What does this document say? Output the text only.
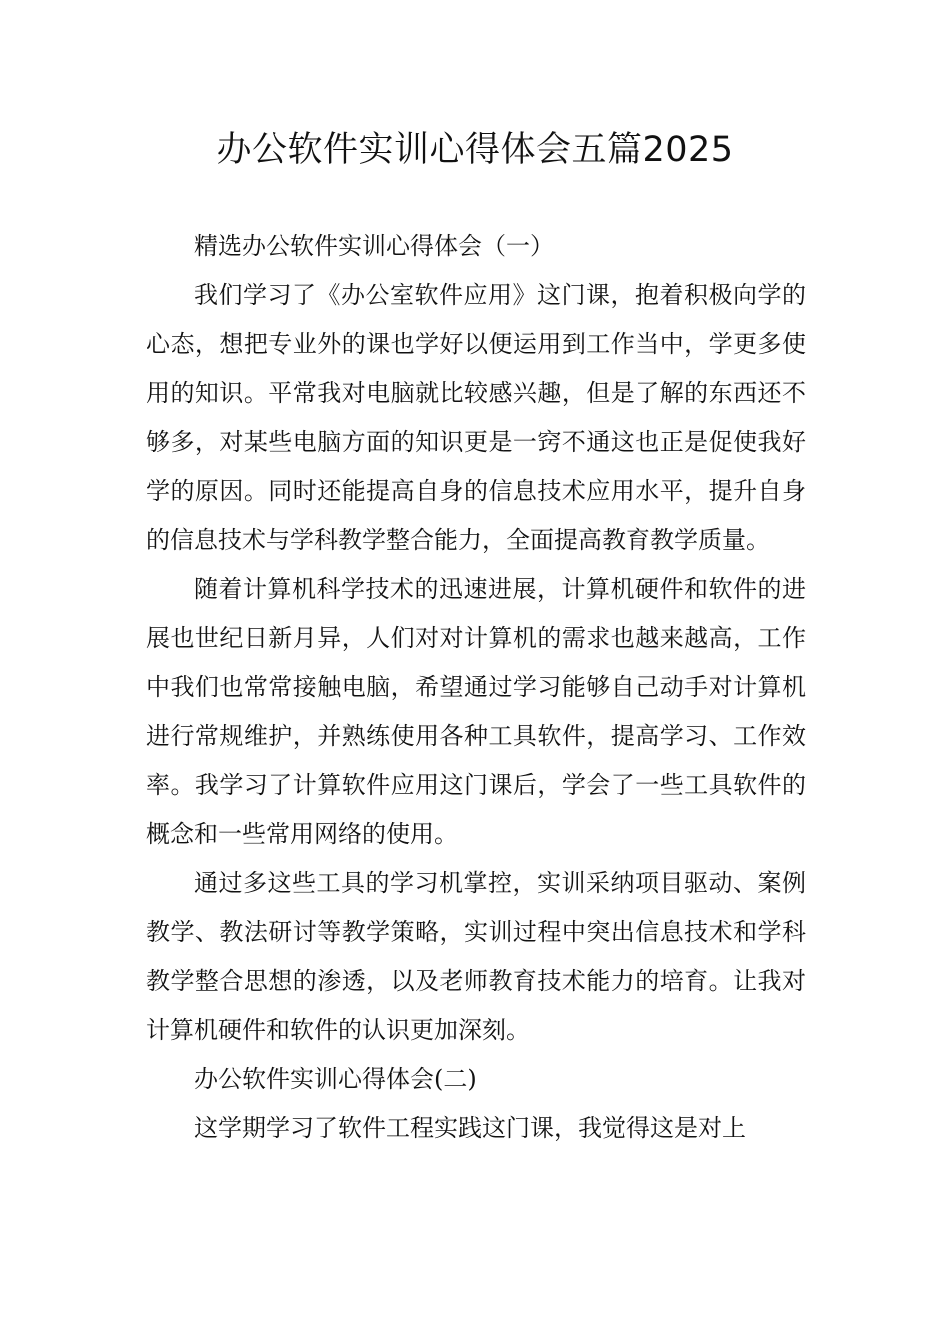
办公软件实训心得体会五篇2025

精选办公软件实训心得体会（一）

我们学习了《办公室软件应用》这门课，抱着积极向学的心态，想把专业外的课也学好以便运用到工作当中，学更多使用的知识。平常我对电脑就比较感兴趣，但是了解的东西还不够多，对某些电脑方面的知识更是一窍不通这也正是促使我好学的原因。同时还能提高自身的信息技术应用水平，提升自身的信息技术与学科教学整合能力，全面提高教育教学质量。

随着计算机科学技术的迅速进展，计算机硬件和软件的进展也世纪日新月异，人们对对计算机的需求也越来越高，工作中我们也常常接触电脑，希望通过学习能够自己动手对计算机进行常规维护，并熟练使用各种工具软件，提高学习、工作效率。我学习了计算软件应用这门课后，学会了一些工具软件的概念和一些常用网络的使用。

通过多这些工具的学习机掌控，实训采纳项目驱动、案例教学、教法研讨等教学策略，实训过程中突出信息技术和学科教学整合思想的渗透，以及老师教育技术能力的培育。让我对计算机硬件和软件的认识更加深刻。

办公软件实训心得体会(二)

这学期学习了软件工程实践这门课，我觉得这是对上
